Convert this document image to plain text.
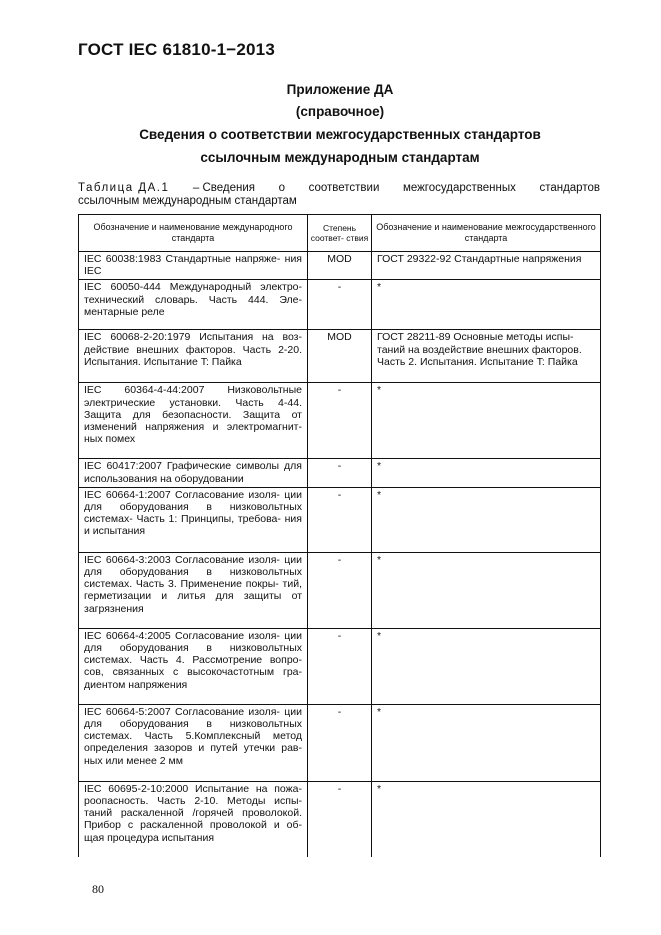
ГОСТ IEC 61810-1−2013
Приложение ДА
(справочное)
Сведения о соответствии межгосударственных стандартов
ссылочным международным стандартам
Таблица ДА.1 – Сведения о соответствии межгосударственных стандартов
ссылочным международным стандартам
Обозначение и наименование международного стандарта	Степень соответ- ствия	Обозначение и наименование межгосударственного стандарта
IEC 60038:1983 Стандартные напряже- ния IEC	MOD	ГОСТ 29322-92 Стандартные напряжения
IEC 60050-444 Международный электро- технический словарь. Часть 444. Эле- ментарные реле	-	*
IEC 60068-2-20:1979 Испытания на воз- действие внешних факторов. Часть 2-20. Испытания. Испытание T: Пайка	MOD	ГОСТ 28211-89 Основные методы испы- таний на воздействие внешних факторов. Часть 2. Испытания. Испытание T: Пайка
IEC 60364-4-44:2007 Низковольтные электрические установки. Часть 4-44. Защита для безопасности. Защита от изменений напряжения и электромагнит- ных помех	-	*
IEC 60417:2007 Графические символы для использования на оборудовании	-	*
IEC 60664-1:2007 Согласование изоля- ции для оборудования в низковольтных системах- Часть 1: Принципы, требова- ния и испытания	-	*
IEC 60664-3:2003 Согласование изоля- ции для оборудования в низковольтных системах. Часть 3. Применение покры- тий, герметизации и литья для защиты от загрязнения	-	*
IEC 60664-4:2005 Согласование изоля- ции для оборудования в низковольтных системах. Часть 4. Рассмотрение вопро- сов, связанных с высокочастотным гра- диентом напряжения	-	*
IEC 60664-5:2007 Согласование изоля- ции для оборудования в низковольтных системах. Часть 5.Комплексный метод определения зазоров и путей утечки рав- ных или менее 2 мм	-	*
IEC 60695-2-10:2000 Испытание на пожа- роопасность. Часть 2-10. Методы испы- таний раскаленной /горячей проволокой. Прибор с раскаленной проволокой и об- щая процедура испытания	-	*
80
